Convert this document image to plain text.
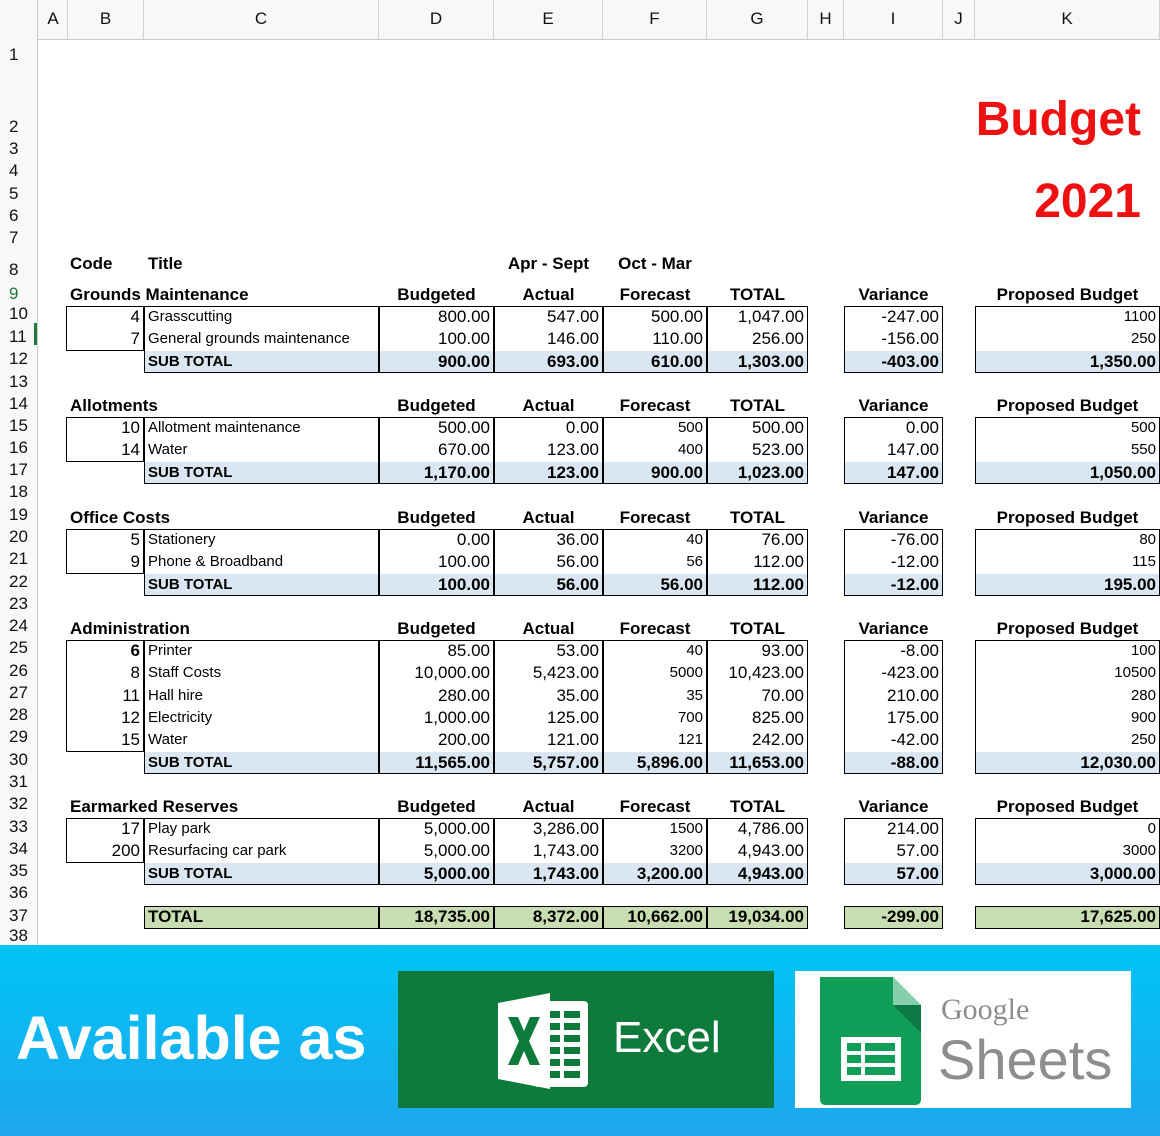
A	B	C	D	E	F	G	H	I	J	K
1
2
3
4
5
6
7
8
9
10
11
12
13
14
15
16
17
18
19
20
21
22
23
24
25
26
27
28
29
30
31
32
33
34
35
36
37
38
Budget
2021
Code	Title	Apr - Sept	Oct - Mar
Grounds Maintenance	Budgeted	Actual	Forecast	TOTAL	Variance	Proposed Budget
4 Grasscutting	800.00	547.00	500.00	1,047.00	-247.00	1100
7 General grounds maintenance	100.00	146.00	110.00	256.00	-156.00	250
SUB TOTAL	900.00	693.00	610.00	1,303.00	-403.00	1,350.00
Allotments	Budgeted	Actual	Forecast	TOTAL	Variance	Proposed Budget
10 Allotment maintenance	500.00	0.00	500	500.00	0.00	500
14 Water	670.00	123.00	400	523.00	147.00	550
SUB TOTAL	1,170.00	123.00	900.00	1,023.00	147.00	1,050.00
Office Costs	Budgeted	Actual	Forecast	TOTAL	Variance	Proposed Budget
5 Stationery	0.00	36.00	40	76.00	-76.00	80
9 Phone & Broadband	100.00	56.00	56	112.00	-12.00	115
SUB TOTAL	100.00	56.00	56.00	112.00	-12.00	195.00
Administration	Budgeted	Actual	Forecast	TOTAL	Variance	Proposed Budget
6 Printer	85.00	53.00	40	93.00	-8.00	100
8 Staff Costs	10,000.00	5,423.00	5000	10,423.00	-423.00	10500
11 Hall hire	280.00	35.00	35	70.00	210.00	280
12 Electricity	1,000.00	125.00	700	825.00	175.00	900
15 Water	200.00	121.00	121	242.00	-42.00	250
SUB TOTAL	11,565.00	5,757.00	5,896.00	11,653.00	-88.00	12,030.00
Earmarked Reserves	Budgeted	Actual	Forecast	TOTAL	Variance	Proposed Budget
17 Play park	5,000.00	3,286.00	1500	4,786.00	214.00	0
200 Resurfacing car park	5,000.00	1,743.00	3200	4,943.00	57.00	3000
SUB TOTAL	5,000.00	1,743.00	3,200.00	4,943.00	57.00	3,000.00
TOTAL	18,735.00	8,372.00	10,662.00	19,034.00	-299.00	17,625.00
Available as	Excel
Google
Sheets
